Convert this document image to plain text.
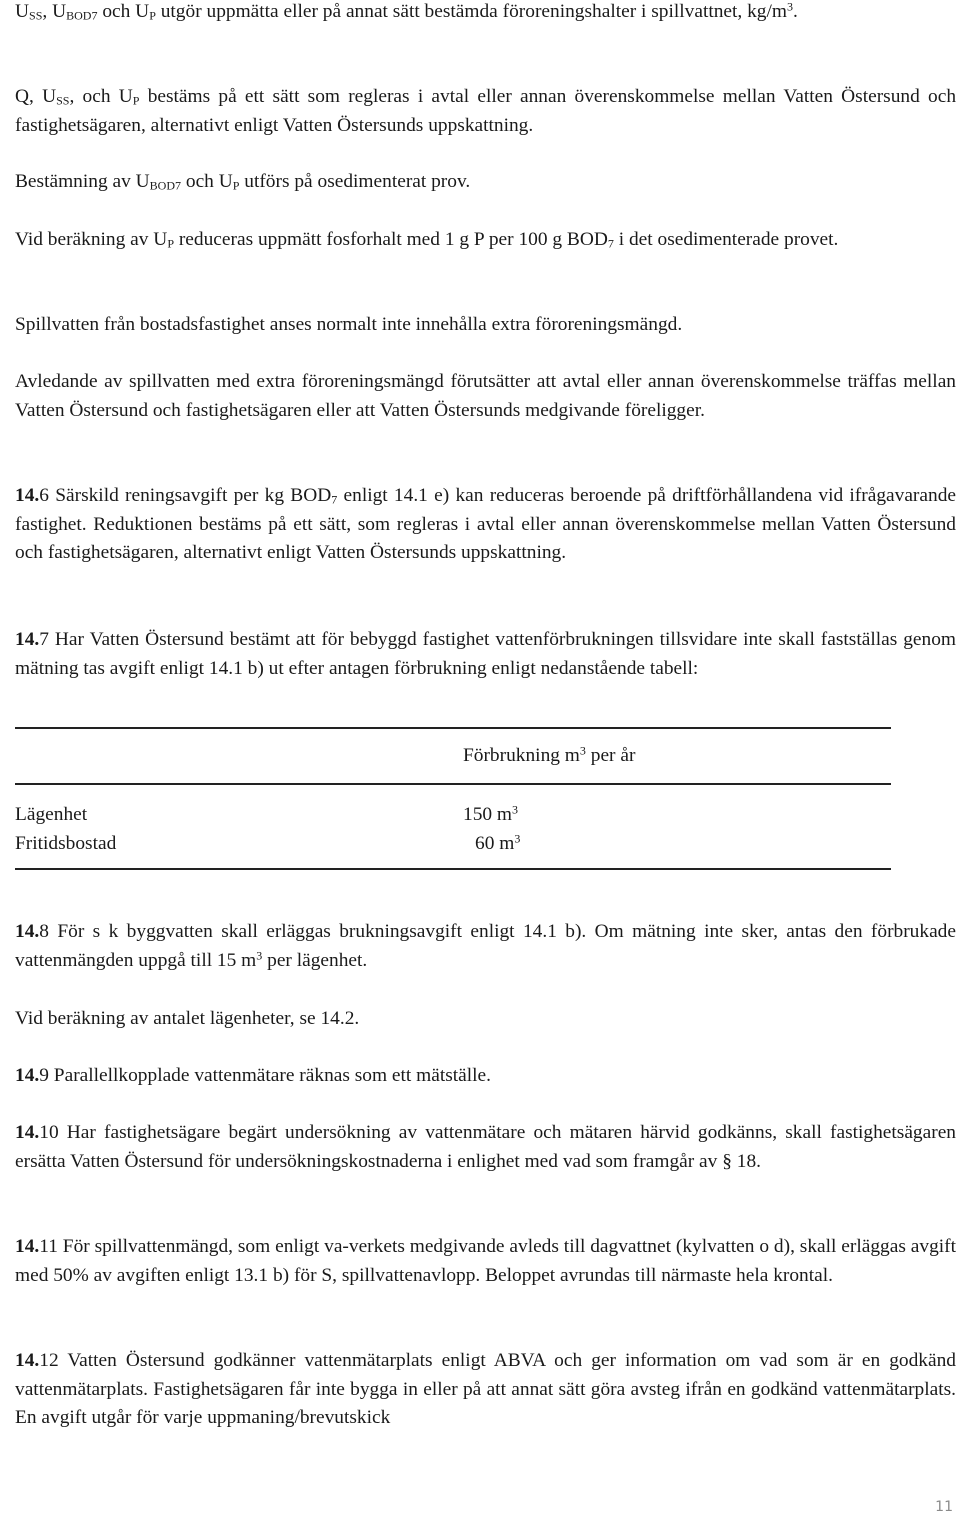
$U_{SS}$, $U_{BOD7}$ och $U_P$ utgör uppmätta eller på annat sätt bestämda föroreningshalter i spillvattnet, $kg/m^3$.

Q, $U_{SS}$, och $U_P$ bestäms på ett sätt som regleras i avtal eller annan överenskommelse mellan Vatten Östersund och fastighetsägaren, alternativt enligt Vatten Östersunds uppskattning.

Bestämning av $U_{BOD7}$ och $U_P$ utförs på osedimenterat prov.

Vid beräkning av $U_P$ reduceras uppmätt fosforhalt med 1 g P per 100 g $BOD_7$ i det osedimenterade provet.

Spillvatten från bostadsfastighet anses normalt inte innehålla extra föroreningsmängd.

Avledande av spillvatten med extra föroreningsmängd förutsätter att avtal eller annan överenskommelse träffas mellan Vatten Östersund och fastighetsägaren eller att Vatten Östersunds medgivande föreligger.

14.6 Särskild reningsavgift per kg $BOD_7$ enligt 14.1 e) kan reduceras beroende på driftförhållandena vid ifrågavarande fastighet. Reduktionen bestäms på ett sätt, som regleras i avtal eller annan överenskommelse mellan Vatten Östersund och fastighetsägaren, alternativt enligt Vatten Östersunds uppskattning.

14.7 Har Vatten Östersund bestämt att för bebyggd fastighet vattenförbrukningen tillsvidare inte skall fastställas genom mätning tas avgift enligt 14.1 b) ut efter antagen förbrukning enligt nedanstående tabell:

Förbrukning $m^3$ per år
Lägenhet	150 $m^3$
Fritidsbostad	60 $m^3$

14.8 För s k byggvatten skall erläggas brukningsavgift enligt 14.1 b). Om mätning inte sker, antas den förbrukade vattenmängden uppgå till 15 $m^3$ per lägenhet.

Vid beräkning av antalet lägenheter, se 14.2.

14.9 Parallellkopplade vattenmätare räknas som ett mätställe.

14.10 Har fastighetsägare begärt undersökning av vattenmätare och mätaren härvid godkänns, skall fastighetsägaren ersätta Vatten Östersund för undersökningskostnaderna i enlighet med vad som framgår av § 18.

14.11 För spillvattenmängd, som enligt va-verkets medgivande avleds till dagvattnet (kylvatten o d), skall erläggas avgift med 50% av avgiften enligt 13.1 b) för S, spillvattenavlopp. Beloppet avrundas till närmaste hela krontal.

14.12 Vatten Östersund godkänner vattenmätarplats enligt ABVA och ger information om vad som är en godkänd vattenmätarplats. Fastighetsägaren får inte bygga in eller på att annat sätt göra avsteg ifrån en godkänd vattenmätarplats. En avgift utgår för varje uppmaning/brevutskick

11
